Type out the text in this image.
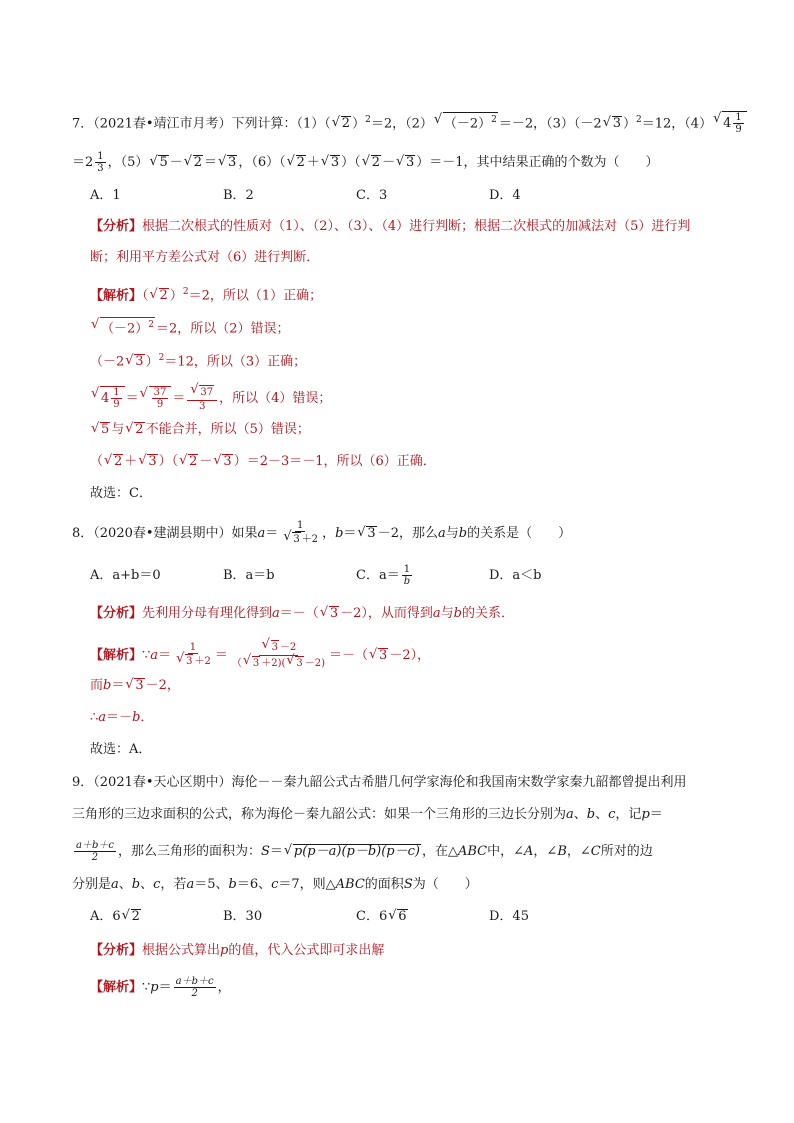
7．（2021春•靖江市月考）下列计算：（1）（ √ 2 ）$^2$＝2，（2） √ $(-2)^2 =-2$，（3）（－2 √ 3 ）$^2$＝12，（4） √ $4 \frac{1}{9}$
$=2 \frac{1}{3}$ ，（5） √ 5 － √ 2 ＝ √ 3 ，（6）（ √ 2 ＋ √ 3 ）（ √ 2 － √ 3 ）＝－1，其中结果正确的个数为（　　）
A．1	B．2	C．3	D．4
【分析】根据二次根式的性质对（1）、（2）、（3）、（4）进行判断；根据二次根式的加减法对（5）进行判
断；利用平方差公式对（6）进行判断．
【解析】（ √ 2 ）$^2$＝2，所以（1）正确；
√ $(-2)^2 =2$，所以（2）错误；
（－2 √ 3 ）$^2$＝12，所以（3）正确；
√ $4 \frac{1}{9}$ ＝ √ $\frac{37}{9}$ ＝ √ $\frac{37}{3}$ ，所以（4）错误；
√ 5 与 √ 2 不能合并，所以（5）错误；
（ √ 2 ＋ √ 3 ）（ √ 2 － √ 3 ）＝2－3＝－1，所以（6）正确．
故选：C．
8．（2020春•建湖县期中）如果a＝ 1
√ 3 ＋2 ，b＝ √ 3 －2，那么a与b的关系是（　　）
A．a+b＝0	B．a＝b	C．$a= \frac{1}{b}$	D．a＜b
【分析】先利用分母有理化得到a＝－（ √ 3 －2），从而得到a与b的关系．
【解析】∵a＝ 1
√ 3 ＋2 ＝ √ $\frac{3 -2}{( √ 3 +2)( √ 3 -2)}$ ＝－（ √ 3 －2），
而b＝ √ 3 －2，
∴a＝－b．
故选：A．
9．（2021春•天心区期中）海伦－－秦九韶公式古希腊几何学家海伦和我国南宋数学家秦九韶都曾提出利用
三角形的三边求面积的公式，称为海伦－秦九韶公式：如果一个三角形的三边长分别为a、b、c，记p＝
$\frac{a+b+c}{2}$ ，那么三角形的面积为：S＝ √ p(p－a)(p－b)(p－c) ，在△ABC中，∠A，∠B，∠C所对的边
分别是a、b、c，若a＝5、b＝6、c＝7，则△ABC的面积S为（　　）
A．6 √ 2	B．30	C．6 √ 6	D．45
【分析】根据公式算出p的值，代入公式即可求出解
【解析】∵p＝ $\frac{a+b+c}{2}$ ，
